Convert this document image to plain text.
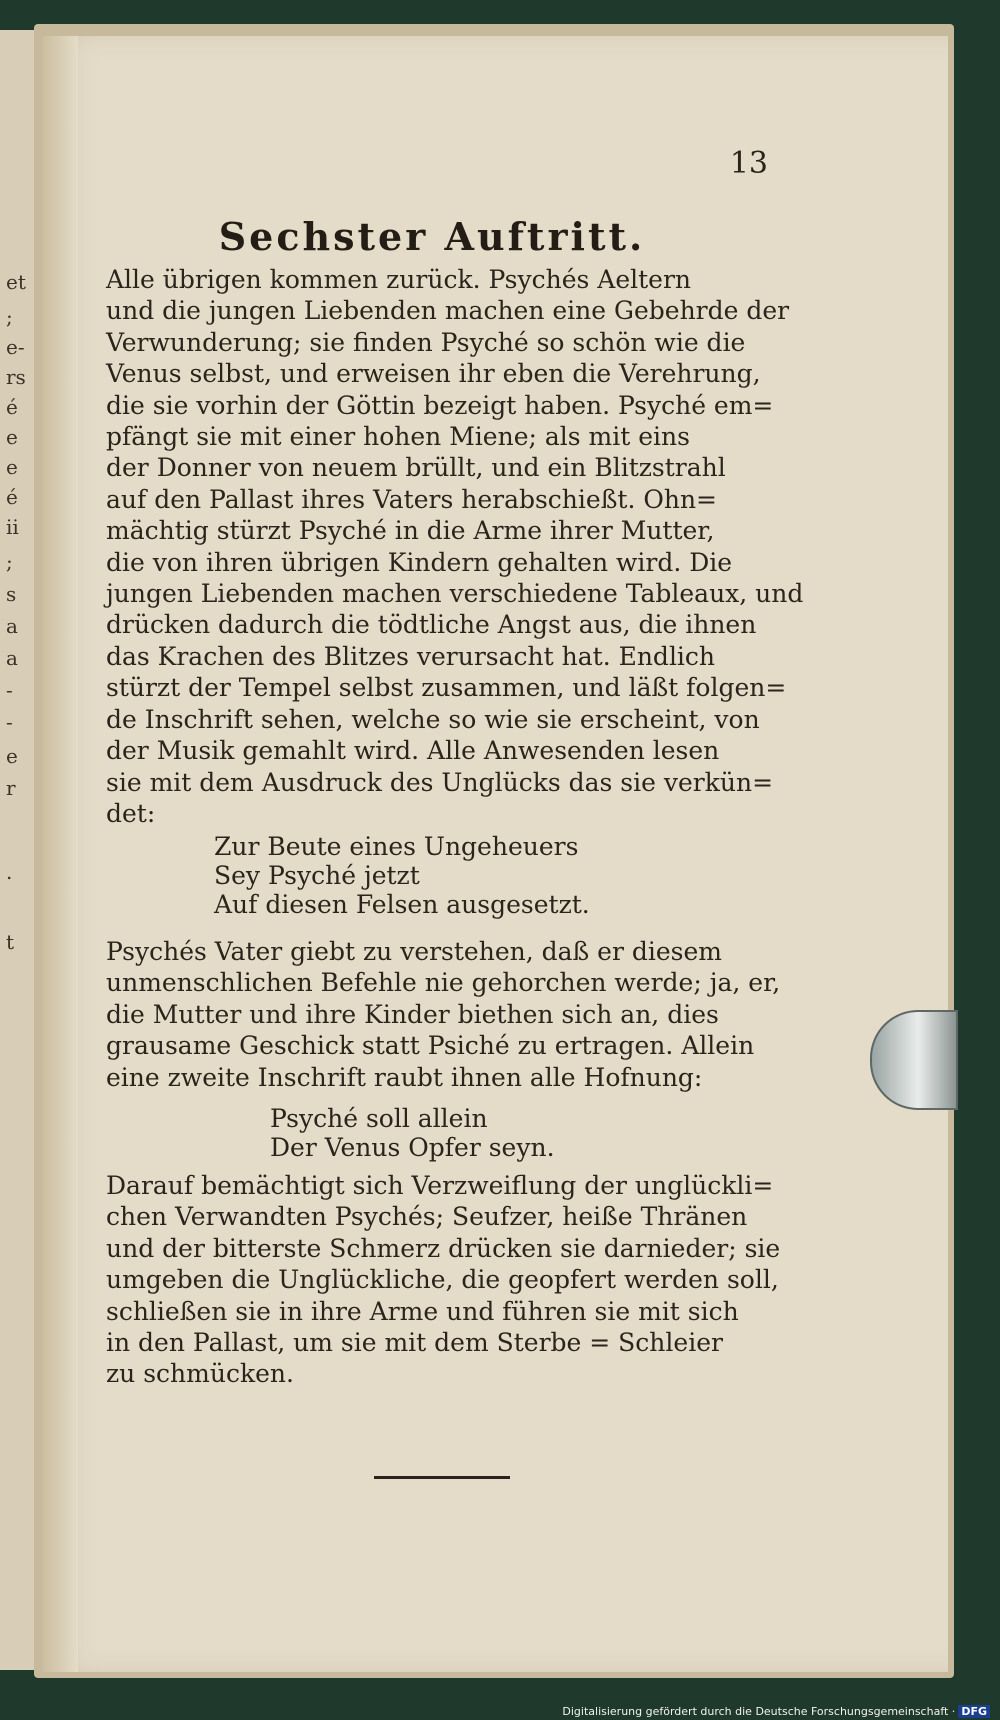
et
;
e-
rs
é
e
e
é
ii
;
s
a
a
-
-
e
r
.
t
13
Sechster Auftritt.
Alle übrigen kommen zurück. Psychés Aeltern
und die jungen Liebenden machen eine Gebehrde der
Verwunderung; sie finden Psyché so schön wie die
Venus selbst, und erweisen ihr eben die Verehrung,
die sie vorhin der Göttin bezeigt haben. Psyché em=
pfängt sie mit einer hohen Miene; als mit eins
der Donner von neuem brüllt, und ein Blitzstrahl
auf den Pallast ihres Vaters herabschießt. Ohn=
mächtig stürzt Psyché in die Arme ihrer Mutter,
die von ihren übrigen Kindern gehalten wird. Die
jungen Liebenden machen verschiedene Tableaux, und
drücken dadurch die tödtliche Angst aus, die ihnen
das Krachen des Blitzes verursacht hat. Endlich
stürzt der Tempel selbst zusammen, und läßt folgen=
de Inschrift sehen, welche so wie sie erscheint, von
der Musik gemahlt wird. Alle Anwesenden lesen
sie mit dem Ausdruck des Unglücks das sie verkün=
det:
Zur Beute eines Ungeheuers
Sey Psyché jetzt
Auf diesen Felsen ausgesetzt.
Psychés Vater giebt zu verstehen, daß er diesem
unmenschlichen Befehle nie gehorchen werde; ja, er,
die Mutter und ihre Kinder biethen sich an, dies
grausame Geschick statt Psiché zu ertragen. Allein
eine zweite Inschrift raubt ihnen alle Hofnung:
Psyché soll allein
Der Venus Opfer seyn.
Darauf bemächtigt sich Verzweiflung der unglückli=
chen Verwandten Psychés; Seufzer, heiße Thränen
und der bitterste Schmerz drücken sie darnieder; sie
umgeben die Unglückliche, die geopfert werden soll,
schließen sie in ihre Arme und führen sie mit sich
in den Pallast, um sie mit dem Sterbe = Schleier
zu schmücken.
Digitalisierung gefördert durch die Deutsche Forschungsgemeinschaft · DFG
